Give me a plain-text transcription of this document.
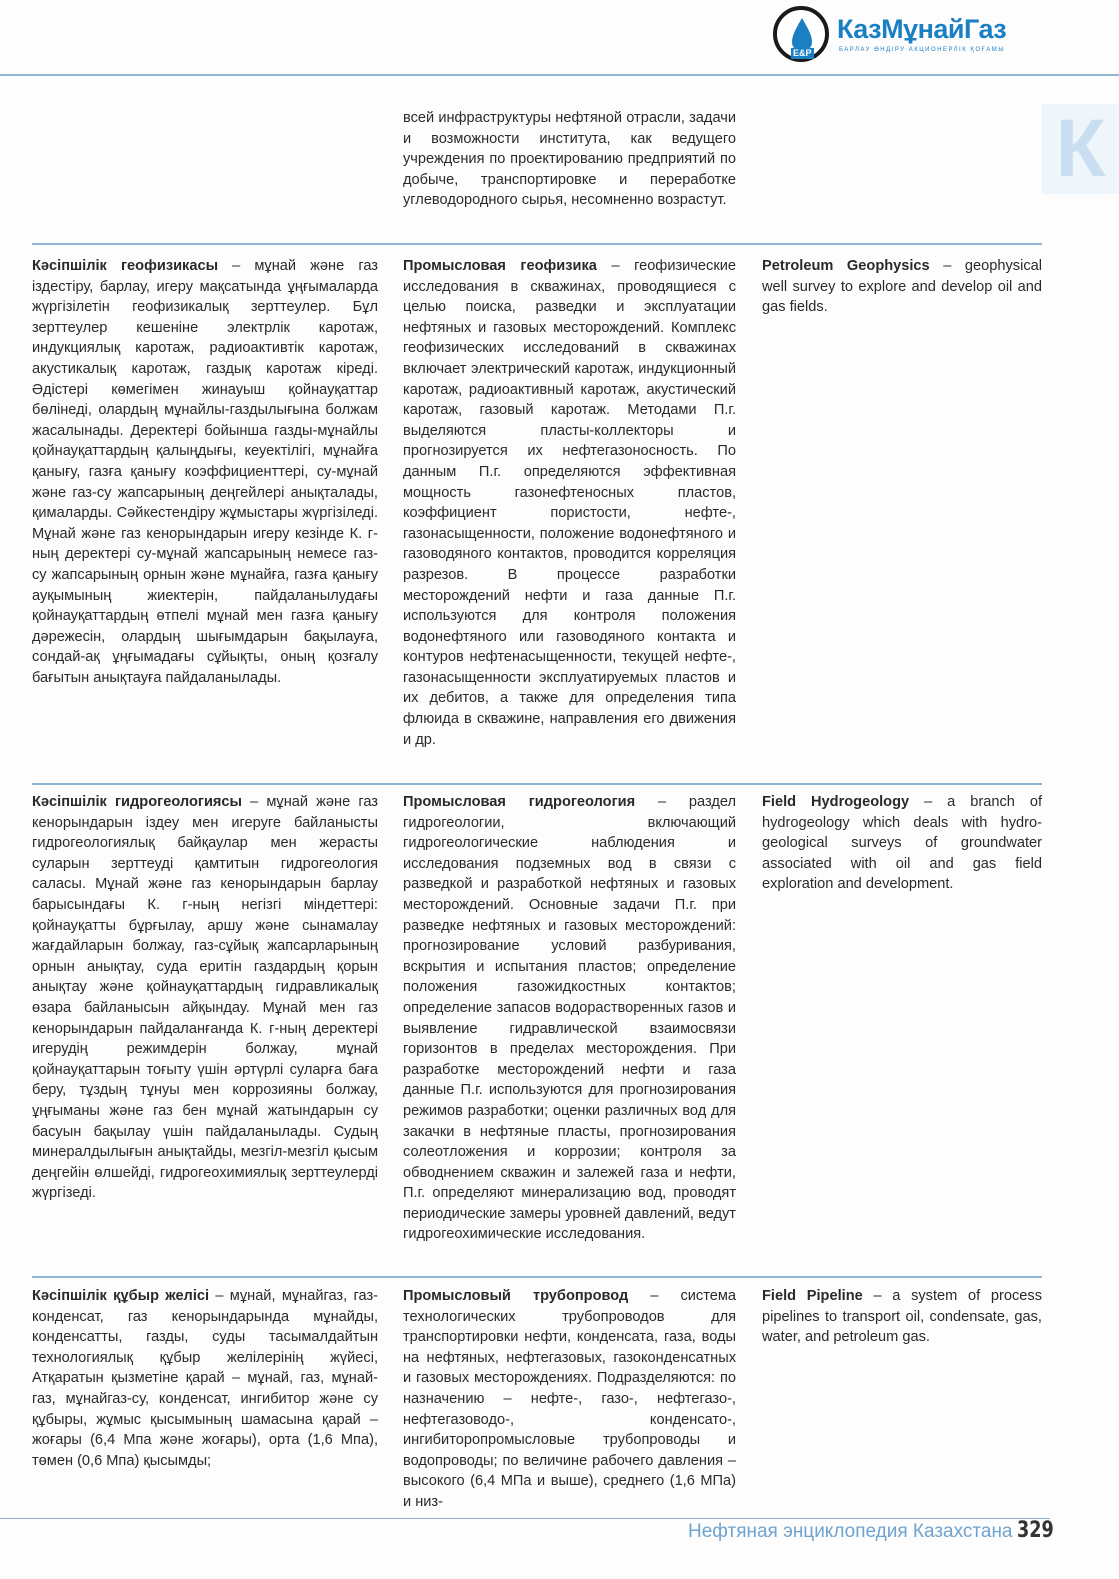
E&P
КазМұнайГаз
БАРЛАУ ӨНДІРУ АКЦИОНЕРЛІК ҚОҒАМЫ
К
всей инфраструктуры нефтяной отрасли, задачи и возможности института, как ведущего учреждения по проектированию предприятий по добыче, транспортировке и переработке углеводородного сырья, несомненно возрастут.
Кәсіпшілік геофизикасы – мұнай және газ іздестіру, барлау, игеру мақсатында ұңғымаларда жүргізілетін геофизикалық зерттеулер. Бұл зерттеулер кешеніне электрлік каротаж, индукциялық каротаж, радиоактивтік каротаж, акустикалық каротаж, газдық каротаж кіреді. Әдістері көмегімен жинауыш қойнауқаттар бөлінеді, олардың мұнайлы-газдылығына болжам жасалынады. Деректері бойынша газды-мұнайлы қойнауқаттардың қалыңдығы, кеуектілігі, мұнайға қанығу, газға қанығу коэффициенттері, су-мұнай және газ-су жапсарының деңгейлері анықталады, қималарды. Сәйкестендіру жұмыстары жүргізіледі. Мұнай және газ кенорындарын игеру кезінде К. г-ның деректері су-мұнай жапсарының немесе газ-су жапсарының орнын және мұнайға, газға қанығу ауқымының жиектерін, пайдаланылудағы қойнауқаттардың өтпелі мұнай мен газға қанығу дәрежесін, олардың шығымдарын бақылауға, сондай-ақ ұңғымадағы сұйықты, оның қозғалу бағытын анықтауға пайдаланылады.
Промысловая геофизика – геофизические исследования в скважинах, проводящиеся с целью поиска, разведки и эксплуатации нефтяных и газовых месторождений. Комплекс геофизических исследований в скважинах включает электрический каротаж, индукционный каротаж, радиоактивный каротаж, акустический каротаж, газовый каротаж. Методами П.г. выделяются пласты-коллекторы и прогнозируется их нефтегазоносность. По данным П.г. определяются эффективная мощность газонефтеносных пластов, коэффициент пористости, нефте-, газонасыщенности, положение водонефтяного и газоводяного контактов, проводится корреляция разрезов. В процессе разработки месторождений нефти и газа данные П.г. используются для контроля положения водонефтяного или газоводяного контакта и контуров нефтенасыщенности, текущей нефте-, газонасыщенности эксплуатируемых пластов и их дебитов, а также для определения типа флюида в скважине, направления его движения и др.
Petroleum Geophysics – geophysical well survey to explore and develop oil and gas fields.
Кәсіпшілік гидрогеологиясы – мұнай және газ кенорындарын іздеу мен игеруге байланысты гидрогеологиялық байқаулар мен жерасты суларын зерттеуді қамтитын гидрогеология саласы. Мұнай және газ кенорындарын барлау барысындағы К. г-ның негізгі міндеттері: қойнауқатты бұрғылау, аршу және сынамалау жағдайларын болжау, газ-сұйық жапсарларының орнын анықтау, суда еритін газдардың қорын анықтау және қойнауқаттардың гидравликалық өзара байланысын айқындау. Мұнай мен газ кенорындарын пайдаланғанда К. г-ның деректері игерудің режимдерін болжау, мұнай қойнауқаттарын тоғыту үшін әртүрлі суларға баға беру, тұздың тұнуы мен коррозияны болжау, ұңғыманы және газ бен мұнай жатындарын су басуын бақылау үшін пайдаланылады. Судың минералдылығын анықтайды, мезгіл-мезгіл қысым деңгейін өлшейді, гидрогеохимиялық зерттеулерді жүргізеді.
Промысловая гидрогеология – раздел гидрогеологии, включающий гидрогеологические наблюдения и исследования подземных вод в связи с разведкой и разработкой нефтяных и газовых месторождений. Основные задачи П.г. при разведке нефтяных и газовых месторождений: прогнозирование условий разбуривания, вскрытия и испытания пластов; определение положения газожидкостных контактов; определение запасов водорастворенных газов и выявление гидравлической взаимосвязи горизонтов в пределах месторождения. При разработке месторождений нефти и газа данные П.г. используются для прогнозирования режимов разработки; оценки различных вод для закачки в нефтяные пласты, прогнозирования солеотложения и коррозии; контроля за обводнением скважин и залежей газа и нефти, П.г. определяют минерализацию вод, проводят периодические замеры уровней давлений, ведут гидрогеохимические исследования.
Field Hydrogeology – a branch of hydrogeology which deals with hydro-geological surveys of groundwater associated with oil and gas field exploration and development.
Кәсіпшілік құбыр желісі – мұнай, мұнайгаз, газ-конденсат, газ кенорындарында мұнайды, конденсатты, газды, суды тасымалдайтын технологиялық құбыр желілерінің жүйесі, Атқаратын қызметіне қарай – мұнай, газ, мұнай-газ, мұнайгаз-су, конденсат, ингибитор және су құбыры, жұмыс қысымының шамасына қарай – жоғары (6,4 Мпа және жоғары), орта (1,6 Мпа), төмен (0,6 Мпа) қысымды;
Промысловый трубопровод – система технологических трубопроводов для транспортировки нефти, конденсата, газа, воды на нефтяных, нефтегазовых, газоконденсатных и газовых месторождениях. Подразделяются: по назначению – нефте-, газо-, нефтегазо-, нефтегазоводо-, конденсато-, ингибиторопромысловые трубопроводы и водопроводы; по величине рабочего давления – высокого (6,4 МПа и выше), среднего (1,6 МПа) и низ-
Field Pipeline – a system of process pipelines to transport oil, condensate, gas, water, and petroleum gas.
Нефтяная энциклопедия Казахстана 329
